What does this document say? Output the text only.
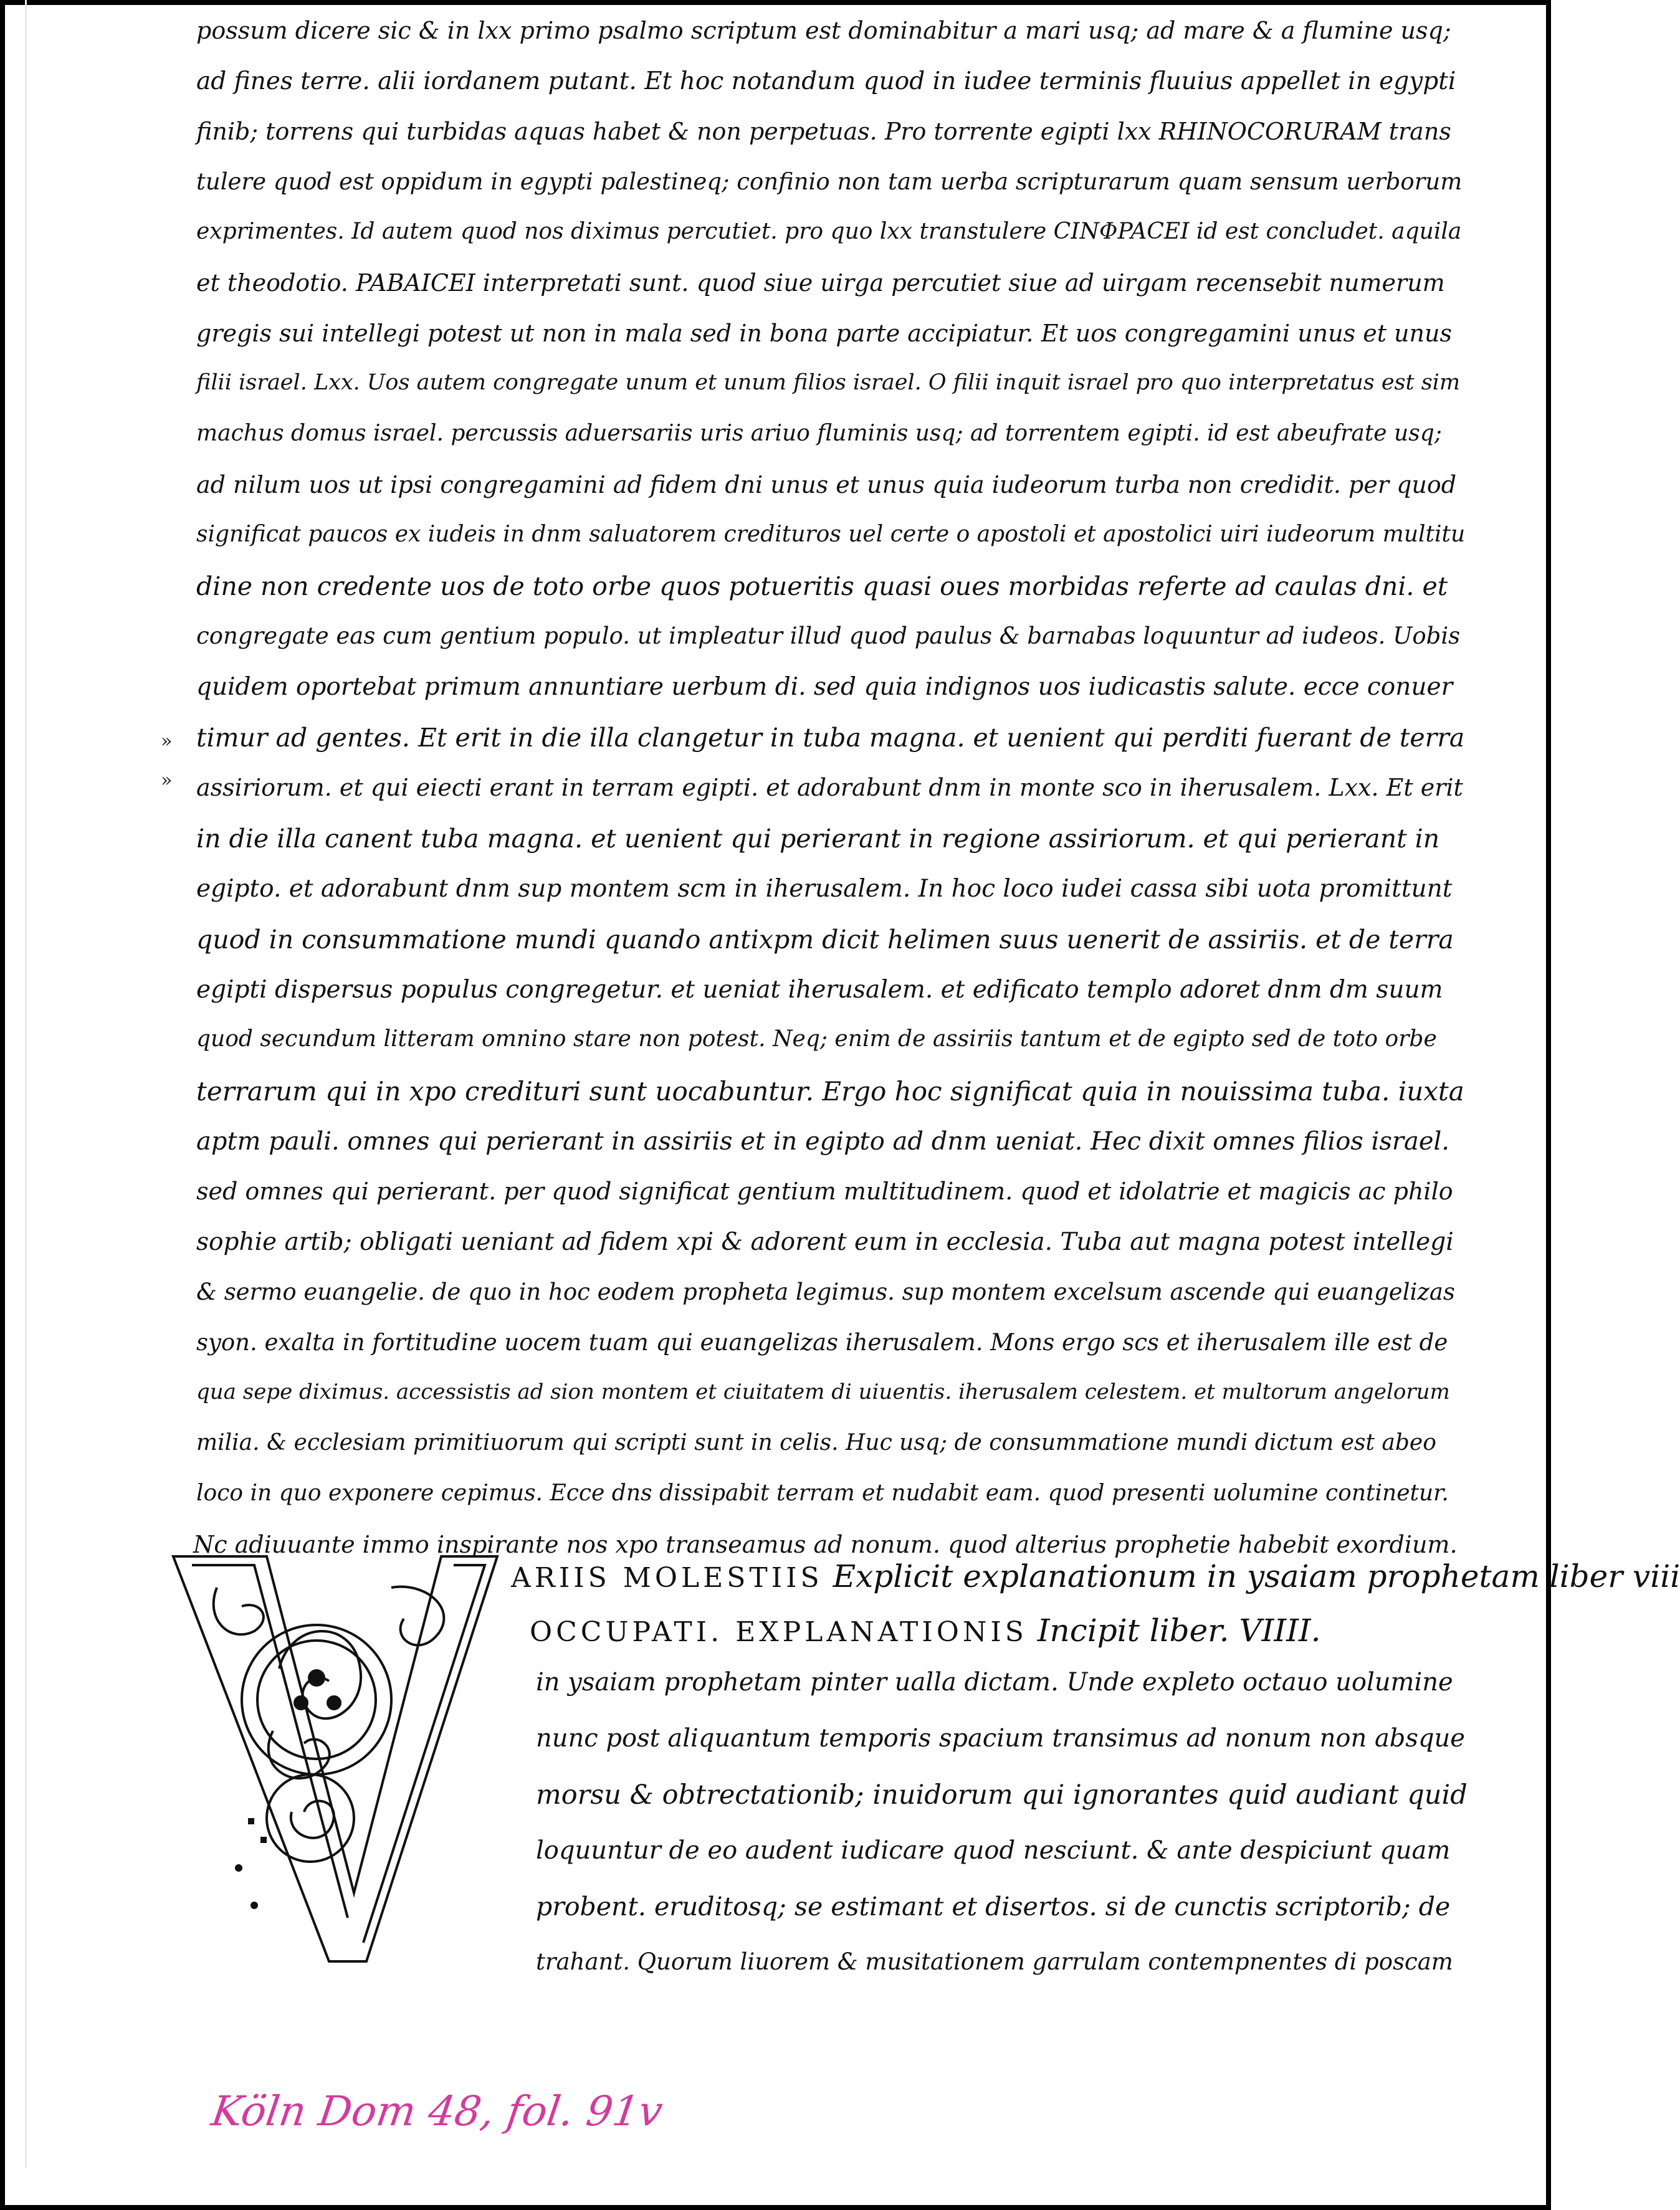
possum dicere sic & in lxx primo psalmo scriptum est dominabitur a mari usq; ad mare & a flumine usq;
ad fines terre. alii iordanem putant. Et hoc notandum quod in iudee terminis fluuius appellet in egypti
finib; torrens qui turbidas aquas habet & non perpetuas. Pro torrente egipti lxx RHINOCORURAM trans
tulere quod est oppidum in egypti palestineq; confinio non tam uerba scripturarum quam sensum uerborum
exprimentes. Id autem quod nos diximus percutiet. pro quo lxx transtulere CINΦPACEI id est concludet. aquila
et theodotio. PABAICEI interpretati sunt. quod siue uirga percutiet siue ad uirgam recensebit numerum
gregis sui intellegi potest ut non in mala sed in bona parte accipiatur. Et uos congregamini unus et unus
filii israel. Lxx. Uos autem congregate unum et unum filios israel. O filii inquit israel pro quo interpretatus est sim
machus domus israel. percussis aduersariis uris ariuo fluminis usq; ad torrentem egipti. id est abeufrate usq;
ad nilum uos ut ipsi congregamini ad fidem dni unus et unus quia iudeorum turba non credidit. per quod
significat paucos ex iudeis in dnm saluatorem credituros uel certe o apostoli et apostolici uiri iudeorum multitu
dine non credente uos de toto orbe quos potueritis quasi oues morbidas referte ad caulas dni. et
congregate eas cum gentium populo. ut impleatur illud quod paulus & barnabas loquuntur ad iudeos. Uobis
quidem oportebat primum annuntiare uerbum di. sed quia indignos uos iudicastis salute. ecce conuer
timur ad gentes. Et erit in die illa clangetur in tuba magna. et uenient qui perditi fuerant de terra
assiriorum. et qui eiecti erant in terram egipti. et adorabunt dnm in monte sco in iherusalem. Lxx. Et erit
in die illa canent tuba magna. et uenient qui perierant in regione assiriorum. et qui perierant in
egipto. et adorabunt dnm sup montem scm in iherusalem. In hoc loco iudei cassa sibi uota promittunt
quod in consummatione mundi quando antixpm dicit helimen suus uenerit de assiriis. et de terra
egipti dispersus populus congregetur. et ueniat iherusalem. et edificato templo adoret dnm dm suum
quod secundum litteram omnino stare non potest. Neq; enim de assiriis tantum et de egipto sed de toto orbe
terrarum qui in xpo credituri sunt uocabuntur. Ergo hoc significat quia in nouissima tuba. iuxta
aptm pauli. omnes qui perierant in assiriis et in egipto ad dnm ueniat. Hec dixit omnes filios israel.
sed omnes qui perierant. per quod significat gentium multitudinem. quod et idolatrie et magicis ac philo
sophie artib; obligati ueniant ad fidem xpi & adorent eum in ecclesia. Tuba aut magna potest intellegi
& sermo euangelie. de quo in hoc eodem propheta legimus. sup montem excelsum ascende qui euangelizas
syon. exalta in fortitudine uocem tuam qui euangelizas iherusalem. Mons ergo scs et iherusalem ille est de
qua sepe diximus. accessistis ad sion montem et ciuitatem di uiuentis. iherusalem celestem. et multorum angelorum
milia. & ecclesiam primitiuorum qui scripti sunt in celis. Huc usq; de consummatione mundi dictum est abeo
loco in quo exponere cepimus. Ecce dns dissipabit terram et nudabit eam. quod presenti uolumine continetur.
Nc adiuuante immo inspirante nos xpo transeamus ad nonum. quod alterius prophetie habebit exordium.
»
»
ARIIS MOLESTIIS Explicit explanationum in ysaiam prophetam liber viii
OCCUPATI. EXPLANATIONIS Incipit liber. VIIII.
in ysaiam prophetam pinter ualla dictam. Unde expleto octauo uolumine
nunc post aliquantum temporis spacium transimus ad nonum non absque
morsu & obtrectationib; inuidorum qui ignorantes quid audiant quid
loquuntur de eo audent iudicare quod nesciunt. & ante despiciunt quam
probent. eruditosq; se estimant et disertos. si de cunctis scriptorib; de
trahant. Quorum liuorem & musitationem garrulam contempnentes di poscam
Köln Dom 48, fol. 91v
